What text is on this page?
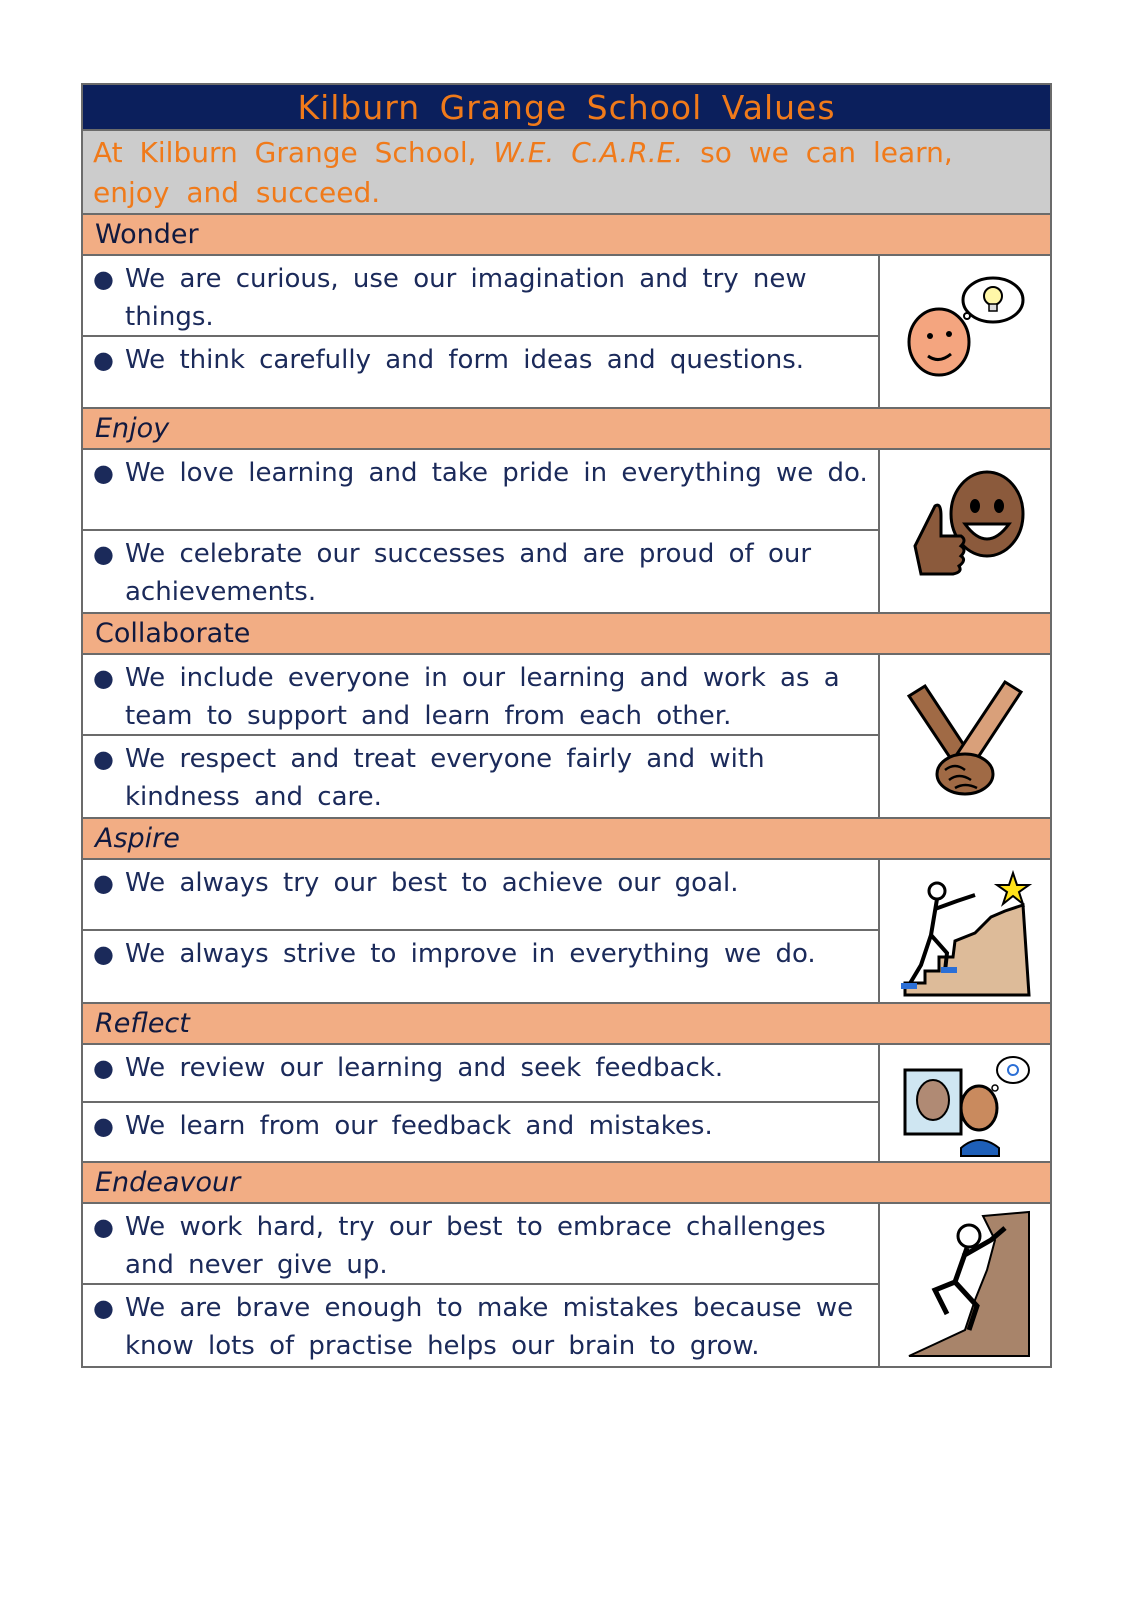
Kilburn Grange School Values
At Kilburn Grange School, W.E. C.A.R.E. so we can learn, enjoy and succeed.
Wonder
● We are curious, use our imagination and try new things.
● We think carefully and form ideas and questions.
Enjoy
● We love learning and take pride in everything we do.
● We celebrate our successes and are proud of our achievements.
Collaborate
● We include everyone in our learning and work as a team to support and learn from each other.
● We respect and treat everyone fairly and with kindness and care.
Aspire
● We always try our best to achieve our goal.
● We always strive to improve in everything we do.
Reflect
● We review our learning and seek feedback.
● We learn from our feedback and mistakes.
Endeavour
● We work hard, try our best to embrace challenges and never give up.
● We are brave enough to make mistakes because we know lots of practise helps our brain to grow.
